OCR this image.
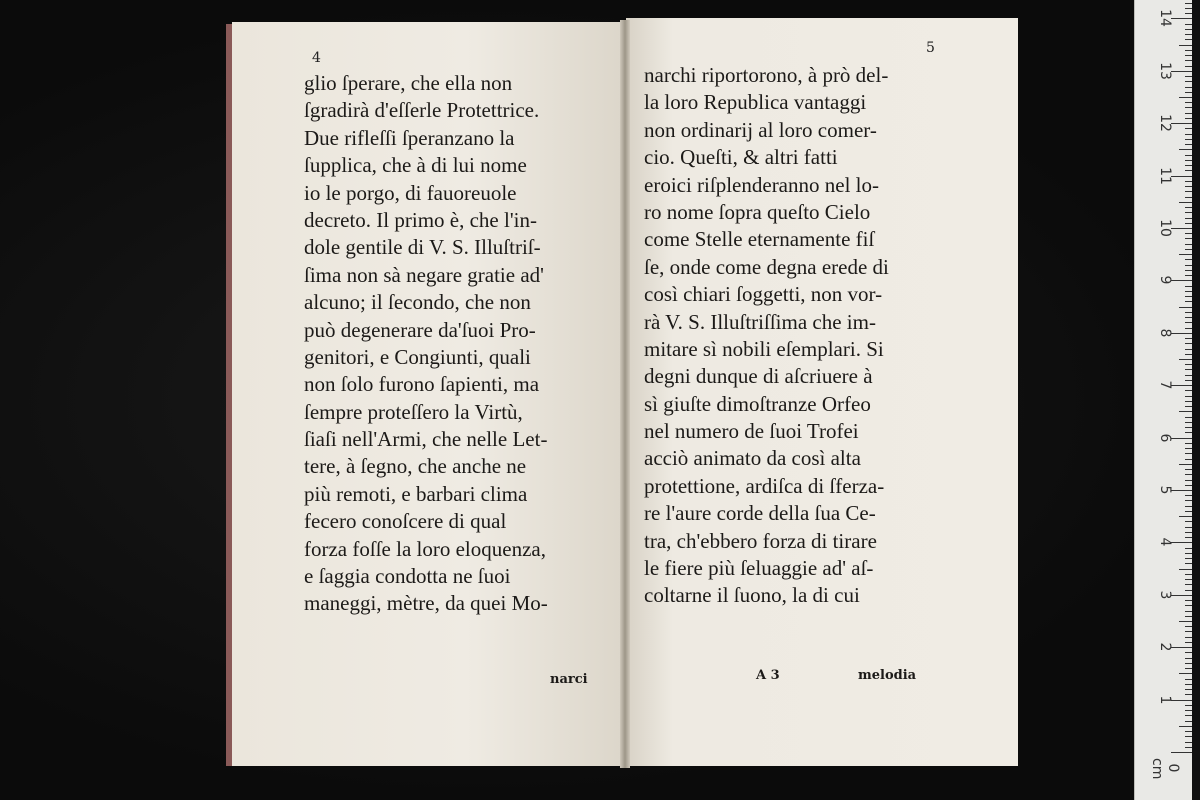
4
glio ſperare, che ella non
ſgradirà d'eſſerle Protettrice.
Due rifleſſi ſperanzano la
ſupplica, che à di lui nome
io le porgo, di fauoreuole
decreto. Il primo è, che l'in-
dole gentile di V. S. Illuſtriſ-
ſima non sà negare gratie ad'
alcuno; il ſecondo, che non
può degenerare da'ſuoi Pro-
genitori, e Congiunti, quali
non ſolo furono ſapienti, ma
ſempre proteſſero la Virtù,
ſiaſi nell'Armi, che nelle Let-
tere, à ſegno, che anche ne
più remoti, e barbari clima
fecero conoſcere di qual
forza foſſe la loro eloquenza,
e ſaggia condotta ne ſuoi
maneggi, mètre, da quei Mo-
narci
5
narchi riportorono, à prò del-
la loro Republica vantaggi
non ordinarij al loro comer-
cio. Queſti, & altri fatti
eroici riſplenderanno nel lo-
ro nome ſopra queſto Cielo
come Stelle eternamente fiſ
ſe, onde come degna erede di
così chiari ſoggetti, non vor-
rà V. S. Illuſtriſſima che im-
mitare sì nobili eſemplari. Si
degni dunque di aſcriuere à
sì giuſte dimoſtranze Orfeo
nel numero de ſuoi Trofei
acciò animato da così alta
protettione, ardiſca di ſferza-
re l'aure corde della ſua Ce-
tra, ch'ebbero forza di tirare
le fiere più ſeluaggie ad' aſ-
coltarne il ſuono, la di cui
A 3	melodia
0 cm
1
2
3
4
5
6
7
8
9
10
11
12
13
14
